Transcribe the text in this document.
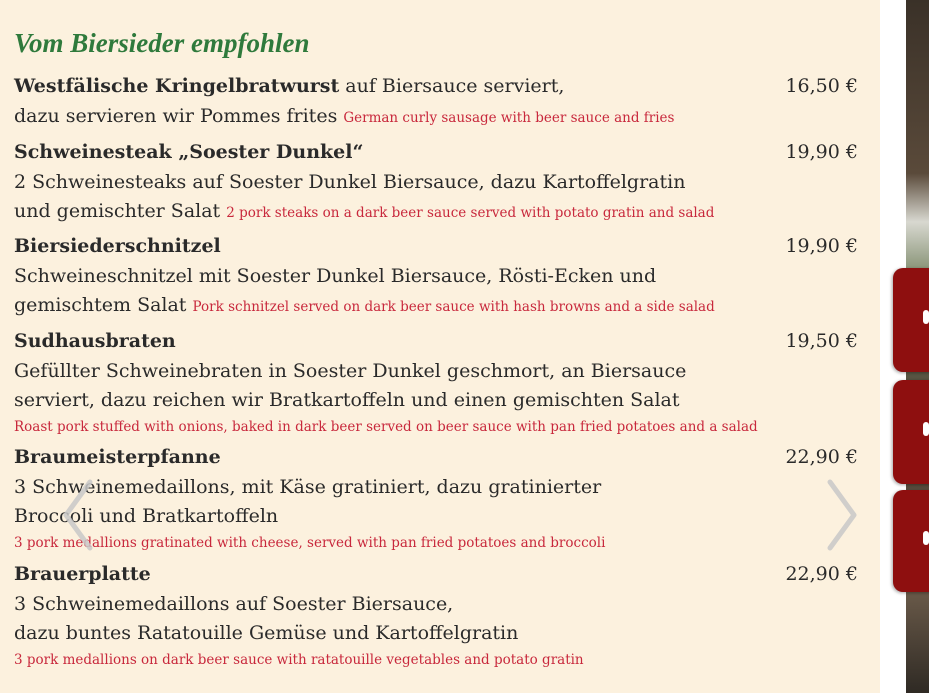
Vom Biersieder empfohlen
Westfälische Kringelbratwurst auf Biersauce serviert,
dazu servieren wir Pommes frites German curly sausage with beer sauce and fries
16,50 €
Schweinesteak „Soester Dunkel“
2 Schweinesteaks auf Soester Dunkel Biersauce, dazu Kartoffelgratin
und gemischter Salat 2 pork steaks on a dark beer sauce served with potato gratin and salad
19,90 €
Biersiederschnitzel
Schweineschnitzel mit Soester Dunkel Biersauce, Rösti-Ecken und
gemischtem Salat Pork schnitzel served on dark beer sauce with hash browns and a side salad
19,90 €
Sudhausbraten
Gefüllter Schweinebraten in Soester Dunkel geschmort, an Biersauce
serviert, dazu reichen wir Bratkartoffeln und einen gemischten Salat
Roast pork stuffed with onions, baked in dark beer served on beer sauce with pan fried potatoes and a salad
19,50 €
Braumeisterpfanne
3 Schweinemedaillons, mit Käse gratiniert, dazu gratinierter
Broccoli und Bratkartoffeln
3 pork medallions gratinated with cheese, served with pan fried potatoes and broccoli
22,90 €
Brauerplatte
3 Schweinemedaillons auf Soester Biersauce,
dazu buntes Ratatouille Gemüse und Kartoffelgratin
3 pork medallions on dark beer sauce with ratatouille vegetables and potato gratin
22,90 €
